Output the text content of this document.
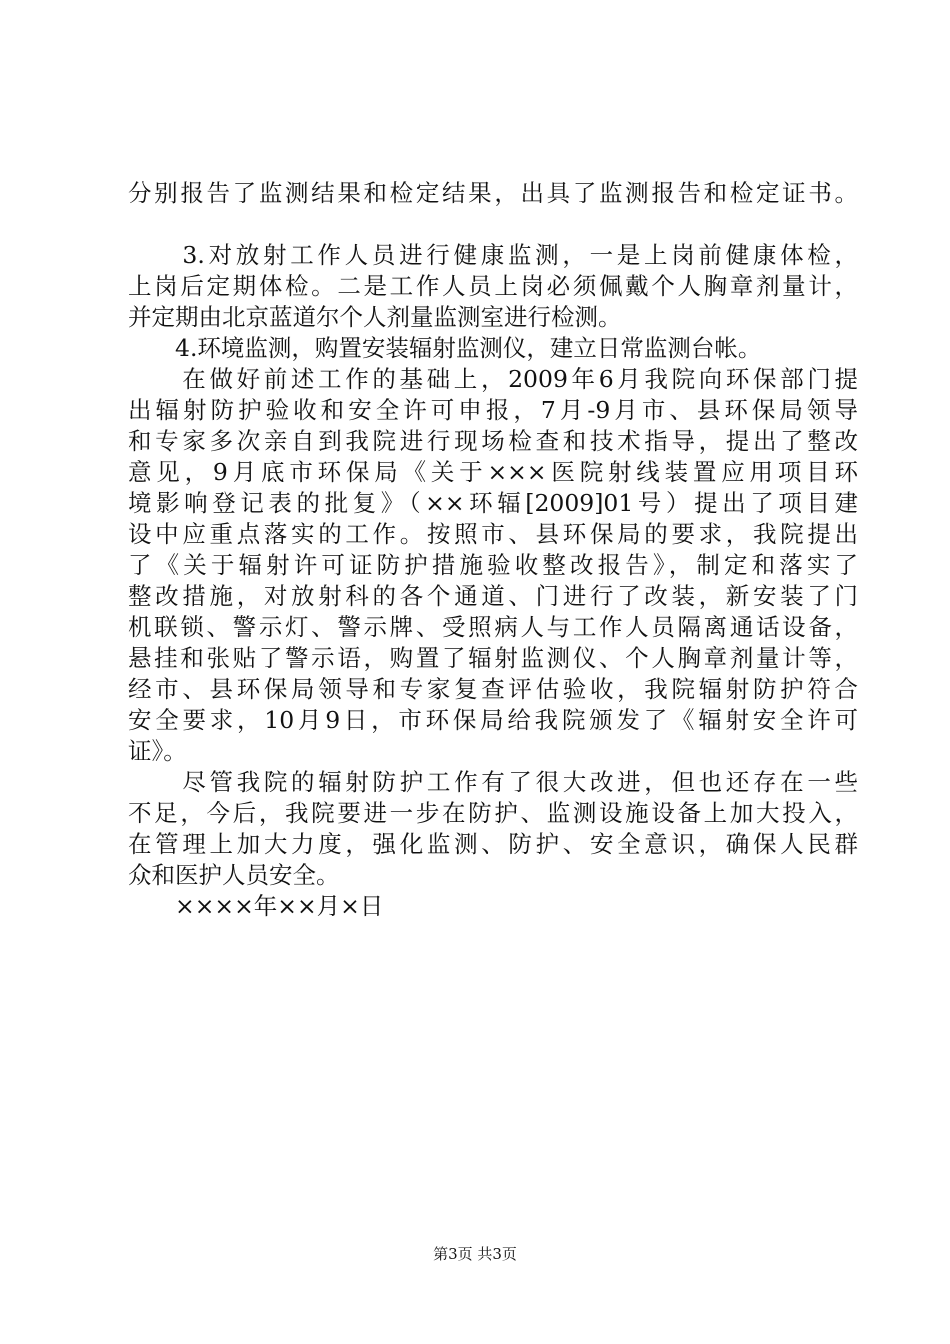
分别报告了监测结果和检定结果，出具了监测报告和检定证书。
　　3.对放射工作人员进行健康监测，一是上岗前健康体检，
上岗后定期体检。二是工作人员上岗必须佩戴个人胸章剂量计，
并定期由北京蓝道尔个人剂量监测室进行检测。
　　4.环境监测，购置安装辐射监测仪，建立日常监测台帐。
　　在做好前述工作的基础上，2009年6月我院向环保部门提
出辐射防护验收和安全许可申报，7月-9月市、县环保局领导
和专家多次亲自到我院进行现场检查和技术指导，提出了整改
意见，9月底市环保局《关于×××医院射线装置应用项目环
境影响登记表的批复》（××环辐[2009]01号）提出了项目建
设中应重点落实的工作。按照市、县环保局的要求，我院提出
了《关于辐射许可证防护措施验收整改报告》，制定和落实了
整改措施，对放射科的各个通道、门进行了改装，新安装了门
机联锁、警示灯、警示牌、受照病人与工作人员隔离通话设备，
悬挂和张贴了警示语，购置了辐射监测仪、个人胸章剂量计等，
经市、县环保局领导和专家复查评估验收，我院辐射防护符合
安全要求，10月9日，市环保局给我院颁发了《辐射安全许可
证》。
　　尽管我院的辐射防护工作有了很大改进，但也还存在一些
不足，今后，我院要进一步在防护、监测设施设备上加大投入，
在管理上加大力度，强化监测、防护、安全意识，确保人民群
众和医护人员安全。
　　××××年××月×日
第3页 共3页
